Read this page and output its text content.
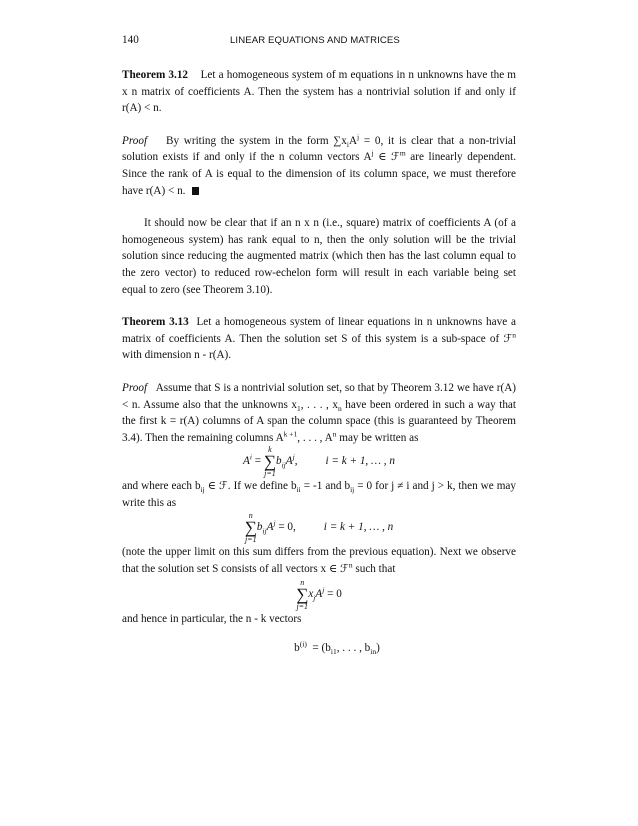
140	LINEAR EQUATIONS AND MATRICES

Theorem 3.12 Let a homogeneous system of m equations in n unknowns have the m x n matrix of coefficients A. Then the system has a nontrivial solution if and only if r(A) < n.

Proof By writing the system in the form $\sum x_iA^j = 0$, it is clear that a non-trivial solution exists if and only if the n column vectors $A^j$ ∈ ℱ$^m$ are linearly dependent. Since the rank of A is equal to the dimension of its column space, we must therefore have r(A) < n.

It should now be clear that if an n x n (i.e., square) matrix of coefficients A (of a homogeneous system) has rank equal to n, then the only solution will be the trivial solution since reducing the augmented matrix (which then has the last column equal to the zero vector) to reduced row-echelon form will result in each variable being set equal to zero (see Theorem 3.10).

Theorem 3.13 Let a homogeneous system of linear equations in n unknowns have a matrix of coefficients A. Then the solution set S of this system is a sub-space of ℱ$^n$ with dimension n - r(A).

Proof Assume that S is a nontrivial solution set, so that by Theorem 3.12 we have r(A) < n. Assume also that the unknowns $x_1$, . . . , $x_n$ have been ordered in such a way that the first k = r(A) columns of A span the column space (this is guaranteed by Theorem 3.4). Then the remaining columns $A^{k +1}$, . . . , $A^n$ may be written as

$A^i = k$
∑
$j=1b_{ij}A^j$,          i = k + 1, … , n

and where each $b_{ij}$ ∈ ℱ. If we define $b_{ii} = -1$ and $b_{ij} = 0$ for j ≠ i and j > k, then we may write this as

n
∑
$j=1b_{ij}A^j = 0$, i = k + 1, … , n

(note the upper limit on this sum differs from the previous equation). Next we observe that the solution set S consists of all vectors x ∈ ℱ$^n$ such that

n
∑
$j=1x_jA^j = 0$

and hence in particular, the n - k vectors

$b^{(i)} = (b_{i1}$, . . . , $b_{in}$)
